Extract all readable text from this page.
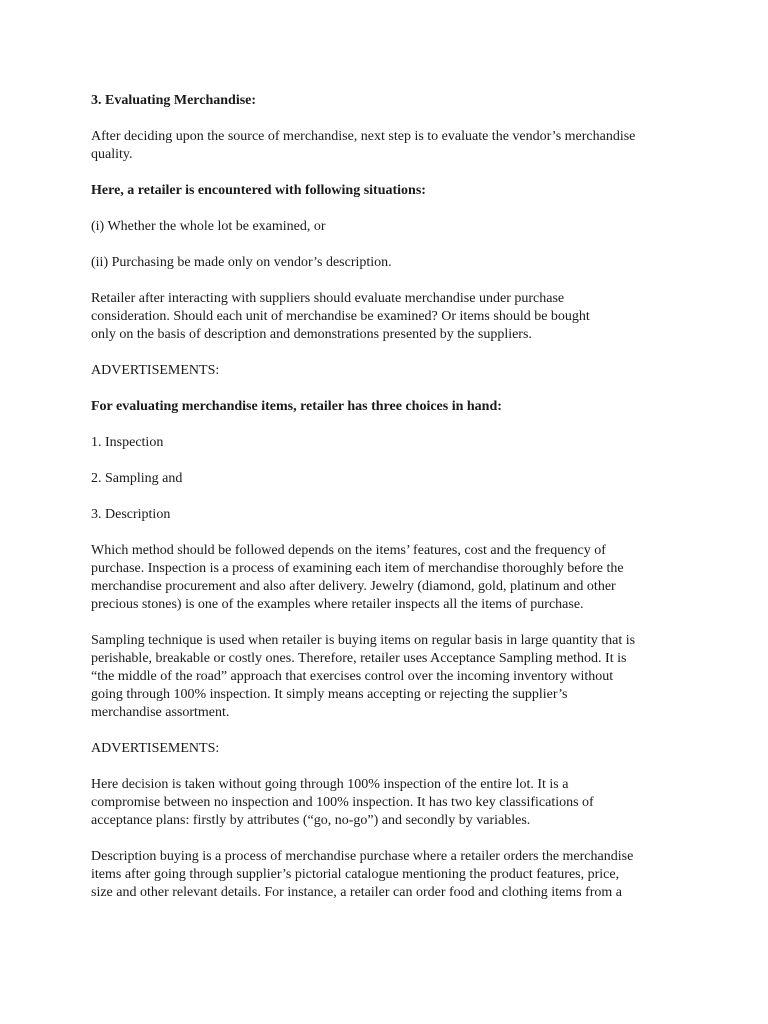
3. Evaluating Merchandise:

After deciding upon the source of merchandise, next step is to evaluate the vendor’s merchandise
quality.

Here, a retailer is encountered with following situations:

(i) Whether the whole lot be examined, or

(ii) Purchasing be made only on vendor’s description.

Retailer after interacting with suppliers should evaluate merchandise under purchase
consideration. Should each unit of merchandise be examined? Or items should be bought
only on the basis of description and demonstrations presented by the suppliers.

ADVERTISEMENTS:

For evaluating merchandise items, retailer has three choices in hand:

1. Inspection

2. Sampling and

3. Description

Which method should be followed depends on the items’ features, cost and the frequency of
purchase. Inspection is a process of examining each item of merchandise thoroughly before the
merchandise procurement and also after delivery. Jewelry (diamond, gold, platinum and other
precious stones) is one of the examples where retailer inspects all the items of purchase.

Sampling technique is used when retailer is buying items on regular basis in large quantity that is
perishable, breakable or costly ones. Therefore, retailer uses Acceptance Sampling method. It is
“the middle of the road” approach that exercises control over the incoming inventory without
going through 100% inspection. It simply means accepting or rejecting the supplier’s
merchandise assortment.

ADVERTISEMENTS:

Here decision is taken without going through 100% inspection of the entire lot. It is a
compromise between no inspection and 100% inspection. It has two key classifications of
acceptance plans: firstly by attributes (“go, no-go”) and secondly by variables.

Description buying is a process of merchandise purchase where a retailer orders the merchandise
items after going through supplier’s pictorial catalogue mentioning the product features, price,
size and other relevant details. For instance, a retailer can order food and clothing items from a
